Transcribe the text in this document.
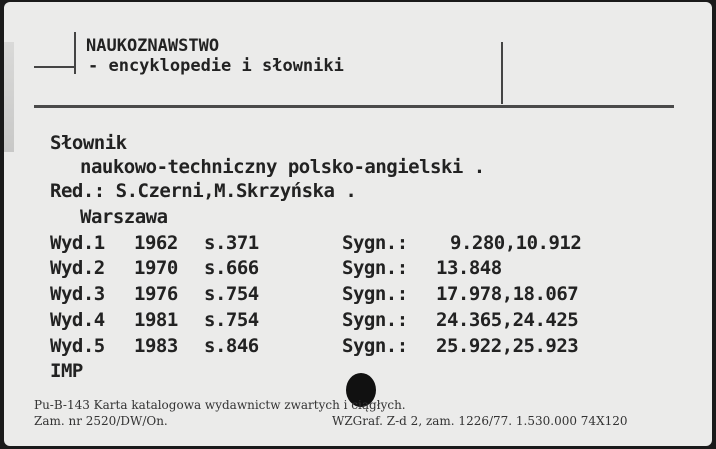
NAUKOZNAWSTWO
- encyklopedie i słowniki
Słownik
naukowo-techniczny polsko-angielski .
Red.: S.Czerni,M.Skrzyńska .
Warszawa
Wyd.1 1962 s.371	Sygn.: 9.280,10.912
Wyd.2 1970 s.666	Sygn.: 13.848
Wyd.3 1976 s.754	Sygn.: 17.978,18.067
Wyd.4 1981 s.754	Sygn.: 24.365,24.425
Wyd.5 1983 s.846	Sygn.: 25.922,25.923
IMP
Pu-B-143 Karta katalogowa wydawnictw zwartych i ciągłych.
Zam. nr 2520/DW/On.	WZGraf. Z-d 2, zam. 1226/77. 1.530.000 74X120
